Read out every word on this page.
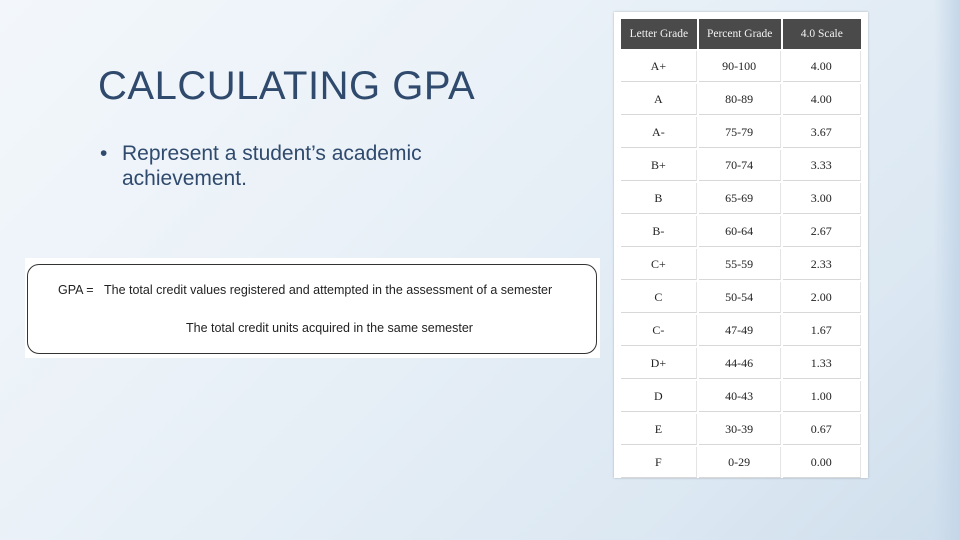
CALCULATING GPA
• Represent a student’s academic achievement.
GPA = The total credit values registered and attempted in the assessment of a semester
The total credit units acquired in the same semester
Letter Grade	Percent Grade	4.0 Scale
A+	90-100	4.00
A	80-89	4.00
A-	75-79	3.67
B+	70-74	3.33
B	65-69	3.00
B-	60-64	2.67
C+	55-59	2.33
C	50-54	2.00
C-	47-49	1.67
D+	44-46	1.33
D	40-43	1.00
E	30-39	0.67
F	0-29	0.00
